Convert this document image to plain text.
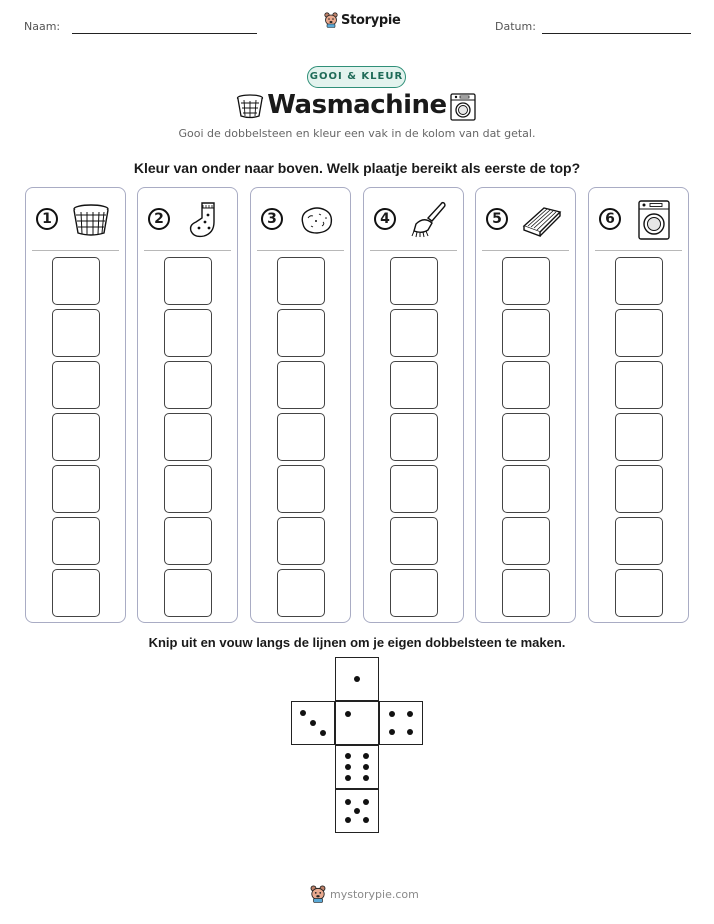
Naam:	Storypie	Datum:
GOOI & KLEUR
Wasmachine
Gooi de dobbelsteen en kleur een vak in de kolom van dat getal.
Kleur van onder naar boven. Welk plaatje bereikt als eerste de top?
1	2	3	4	5	6
Knip uit en vouw langs de lijnen om je eigen dobbelsteen te maken.
mystorypie.com
